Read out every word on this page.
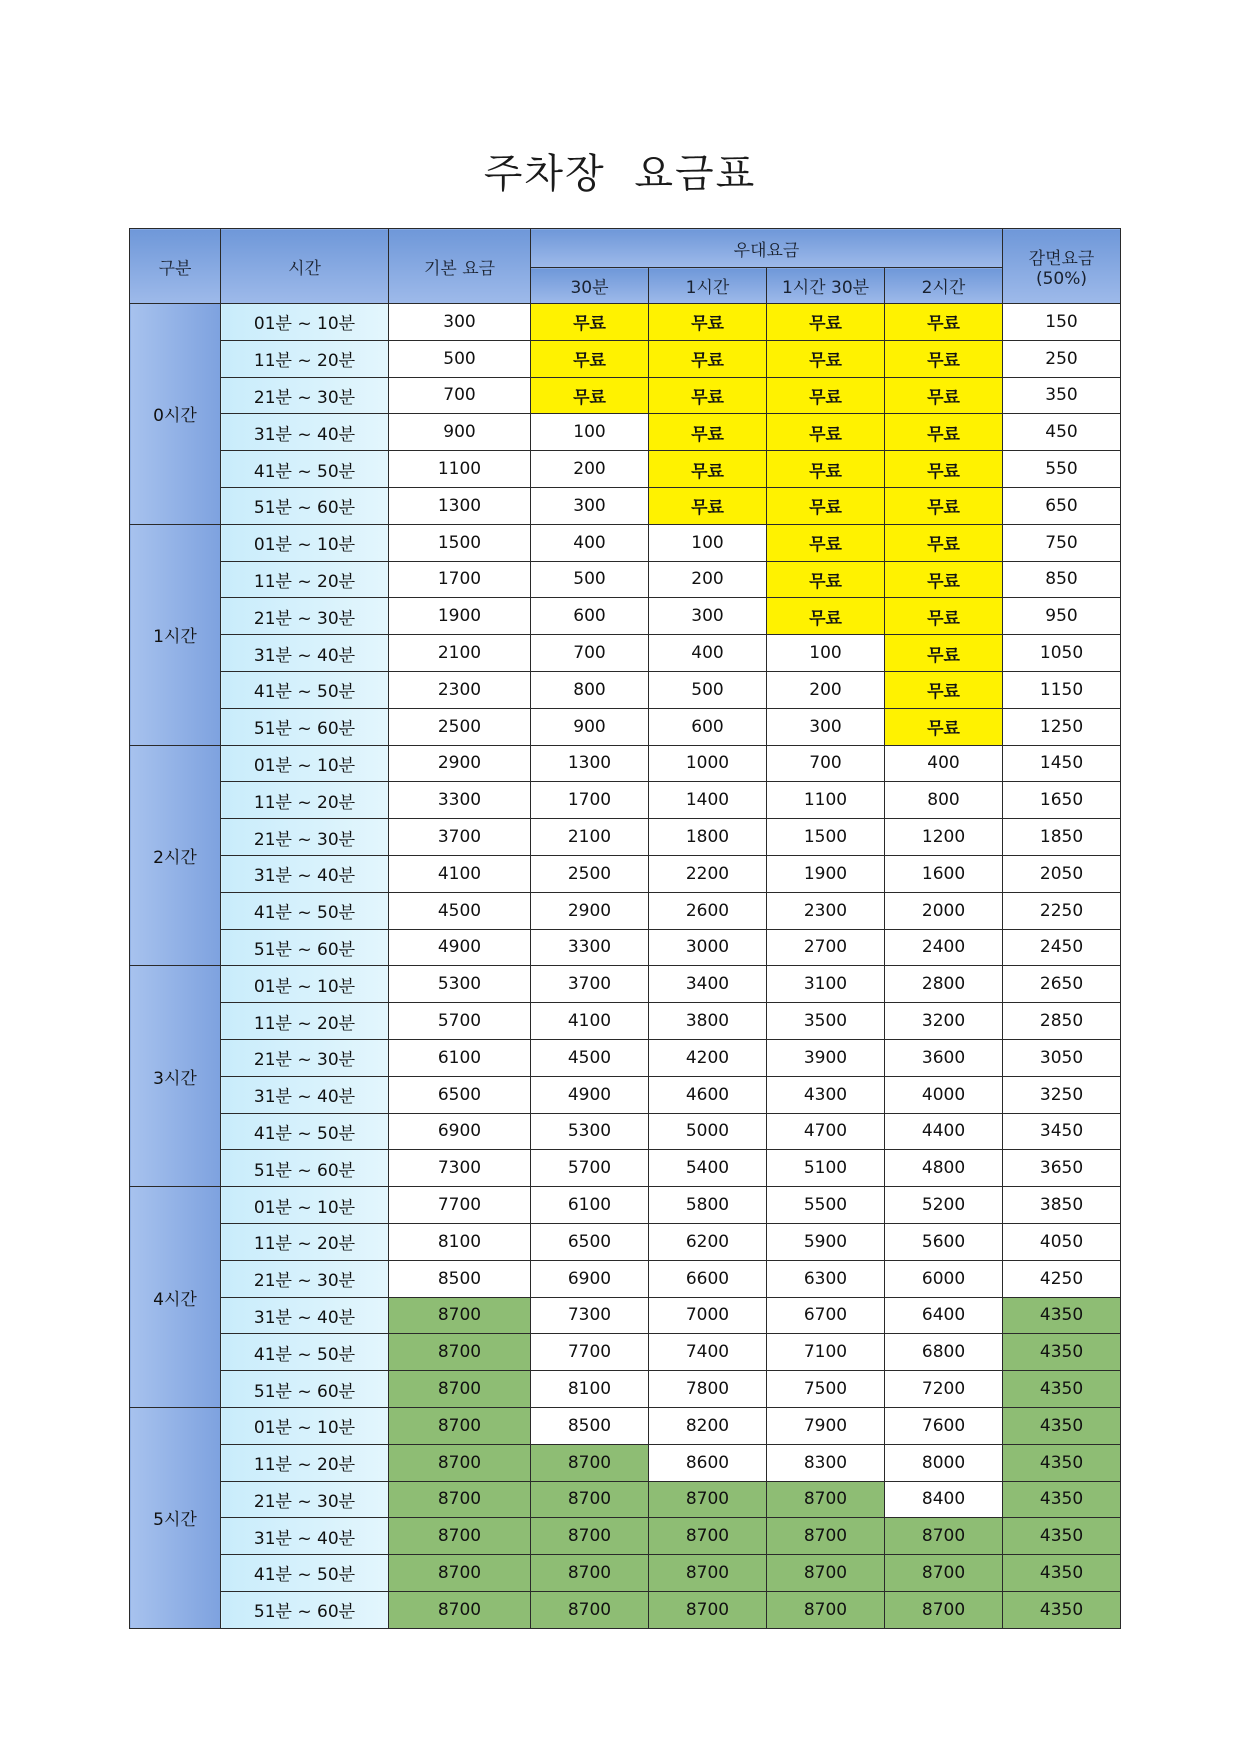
주차장 요금표
구분	시간	기본 요금	우대요금				감면요금
(50%)

			30분	1시간	1시간 30분	2시간	
0시간	01분 ~ 10분	300	무료	무료	무료	무료	150
	11분 ~ 20분	500	무료	무료	무료	무료	250
	21분 ~ 30분	700	무료	무료	무료	무료	350
	31분 ~ 40분	900	100	무료	무료	무료	450
	41분 ~ 50분	1100	200	무료	무료	무료	550
	51분 ~ 60분	1300	300	무료	무료	무료	650
1시간	01분 ~ 10분	1500	400	100	무료	무료	750
	11분 ~ 20분	1700	500	200	무료	무료	850
	21분 ~ 30분	1900	600	300	무료	무료	950
	31분 ~ 40분	2100	700	400	100	무료	1050
	41분 ~ 50분	2300	800	500	200	무료	1150
	51분 ~ 60분	2500	900	600	300	무료	1250
2시간	01분 ~ 10분	2900	1300	1000	700	400	1450
	11분 ~ 20분	3300	1700	1400	1100	800	1650
	21분 ~ 30분	3700	2100	1800	1500	1200	1850
	31분 ~ 40분	4100	2500	2200	1900	1600	2050
	41분 ~ 50분	4500	2900	2600	2300	2000	2250
	51분 ~ 60분	4900	3300	3000	2700	2400	2450
3시간	01분 ~ 10분	5300	3700	3400	3100	2800	2650
	11분 ~ 20분	5700	4100	3800	3500	3200	2850
	21분 ~ 30분	6100	4500	4200	3900	3600	3050
	31분 ~ 40분	6500	4900	4600	4300	4000	3250
	41분 ~ 50분	6900	5300	5000	4700	4400	3450
	51분 ~ 60분	7300	5700	5400	5100	4800	3650
4시간	01분 ~ 10분	7700	6100	5800	5500	5200	3850
	11분 ~ 20분	8100	6500	6200	5900	5600	4050
	21분 ~ 30분	8500	6900	6600	6300	6000	4250
	31분 ~ 40분	8700	7300	7000	6700	6400	4350
	41분 ~ 50분	8700	7700	7400	7100	6800	4350
	51분 ~ 60분	8700	8100	7800	7500	7200	4350
5시간	01분 ~ 10분	8700	8500	8200	7900	7600	4350
	11분 ~ 20분	8700	8700	8600	8300	8000	4350
	21분 ~ 30분	8700	8700	8700	8700	8400	4350
	31분 ~ 40분	8700	8700	8700	8700	8700	4350
	41분 ~ 50분	8700	8700	8700	8700	8700	4350
	51분 ~ 60분	8700	8700	8700	8700	8700	4350
